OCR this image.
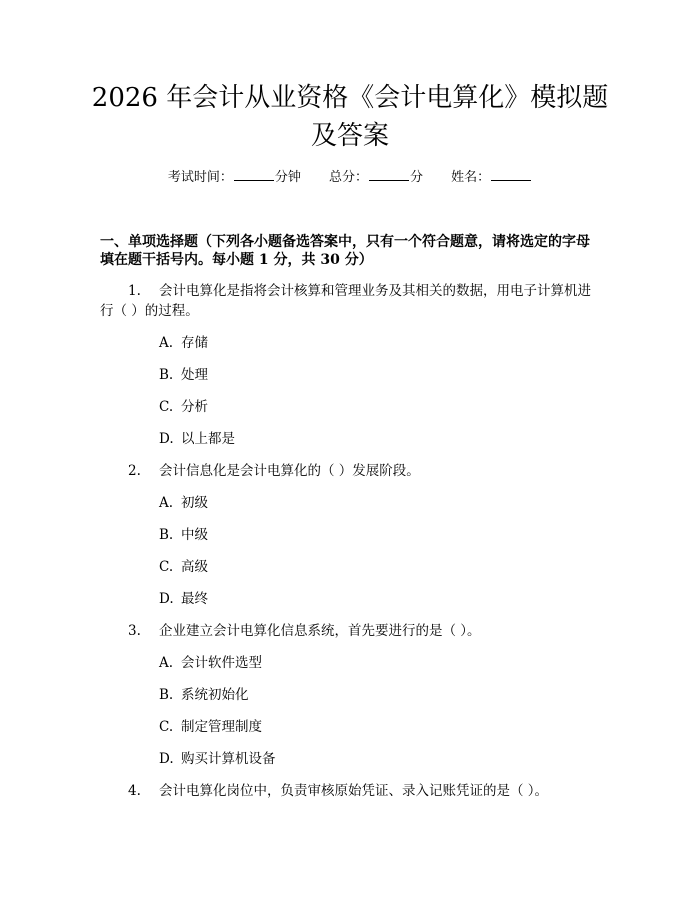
2026 年会计从业资格《会计电算化》模拟题
及答案
考试时间：	分钟 总分：	分 姓名：

一、单项选择题（下列各小题备选答案中，只有一个符合题意，请将选定的字母

填在题干括号内。每小题 1 分，共 30 分）

1. 会计电算化是指将会计核算和管理业务及其相关的数据，用电子计算机进
行（ ）的过程。
A. 存储
B. 处理
C. 分析
D. 以上都是
2. 会计信息化是会计电算化的（ ）发展阶段。
A. 初级
B. 中级
C. 高级
D. 最终
3. 企业建立会计电算化信息系统，首先要进行的是（ ）。
A. 会计软件选型
B. 系统初始化
C. 制定管理制度
D. 购买计算机设备
4. 会计电算化岗位中，负责审核原始凭证、录入记账凭证的是（ ）。
